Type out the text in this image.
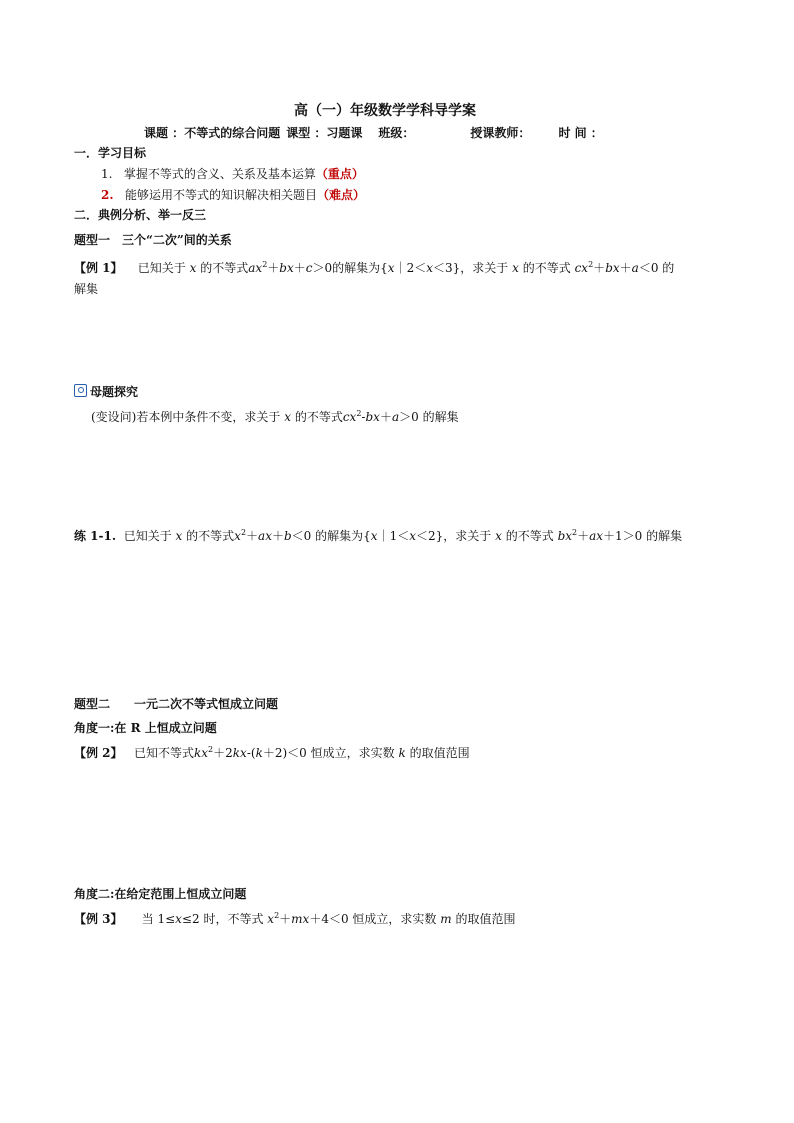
高（一）年级数学学科导学案
课题 ：不等式的综合问题 课型 ：习题课 班级：	授课教师： 时 间 ：
一．学习目标
1. 掌握不等式的含义、关系及基本运算（重点）
2. 能够运用不等式的知识解决相关题目（难点）
二．典例分析、举一反三
题型一　三个“二次”间的关系
【例 1】 已知关于 x 的不等式$ax^2+bx+c>0$的解集为{x｜2＜x＜3}，求关于 x 的不等式 $cx^2+bx+a<0$ 的
解集
母题探究
(变设问)若本例中条件不变，求关于 x 的不等式$cx^2-bx+a>0$ 的解集
练 1-1. 已知关于 x 的不等式$x^2+ax+b<0$ 的解集为{x｜1＜x＜2}，求关于 x 的不等式 $bx^2+ax+1>0$ 的解集
题型二　　一元二次不等式恒成立问题
角度一:在 R 上恒成立问题
【例 2】 已知不等式$kx^2+2kx-(k+2)<0$ 恒成立，求实数 k 的取值范围
角度二:在给定范围上恒成立问题
【例 3】 当 1≤x≤2 时，不等式 $x^2+mx+4<0$ 恒成立，求实数 m 的取值范围
